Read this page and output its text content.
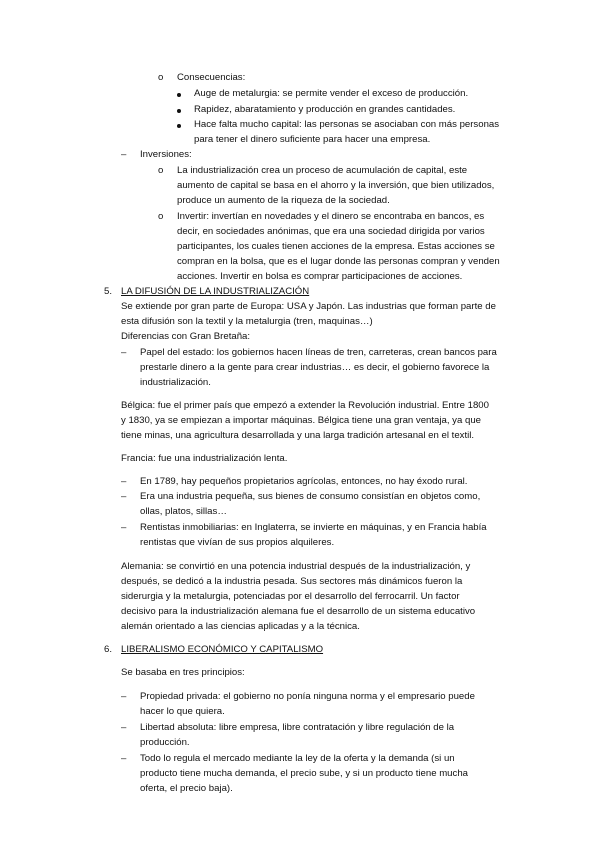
o Consecuencias:
Auge de metalurgia: se permite vender el exceso de producción.
Rapidez, abaratamiento y producción en grandes cantidades.
Hace falta mucho capital: las personas se asociaban con más personas
para tener el dinero suficiente para hacer una empresa.
– Inversiones:
o La industrialización crea un proceso de acumulación de capital, este
aumento de capital se basa en el ahorro y la inversión, que bien utilizados,
produce un aumento de la riqueza de la sociedad.
o Invertir: invertían en novedades y el dinero se encontraba en bancos, es
decir, en sociedades anónimas, que era una sociedad dirigida por varios
participantes, los cuales tienen acciones de la empresa. Estas acciones se
compran en la bolsa, que es el lugar donde las personas compran y venden
acciones. Invertir en bolsa es comprar participaciones de acciones.
5. LA DIFUSIÓN DE LA INDUSTRIALIZACIÓN
Se extiende por gran parte de Europa: USA y Japón. Las industrias que forman parte de
esta difusión son la textil y la metalurgia (tren, maquinas…)
Diferencias con Gran Bretaña:
– Papel del estado: los gobiernos hacen líneas de tren, carreteras, crean bancos para
prestarle dinero a la gente para crear industrias… es decir, el gobierno favorece la
industrialización.
Bélgica: fue el primer país que empezó a extender la Revolución industrial. Entre 1800
y 1830, ya se empiezan a importar máquinas. Bélgica tiene una gran ventaja, ya que
tiene minas, una agricultura desarrollada y una larga tradición artesanal en el textil.
Francia: fue una industrialización lenta.
– En 1789, hay pequeños propietarios agrícolas, entonces, no hay éxodo rural.
– Era una industria pequeña, sus bienes de consumo consistían en objetos como,
ollas, platos, sillas…
– Rentistas inmobiliarias: en Inglaterra, se invierte en máquinas, y en Francia había
rentistas que vivían de sus propios alquileres.
Alemania: se convirtió en una potencia industrial después de la industrialización, y
después, se dedicó a la industria pesada. Sus sectores más dinámicos fueron la
siderurgia y la metalurgia, potenciadas por el desarrollo del ferrocarril. Un factor
decisivo para la industrialización alemana fue el desarrollo de un sistema educativo
alemán orientado a las ciencias aplicadas y a la técnica.
6. LIBERALISMO ECONÓMICO Y CAPITALISMO
Se basaba en tres principios:
– Propiedad privada: el gobierno no ponía ninguna norma y el empresario puede
hacer lo que quiera.
– Libertad absoluta: libre empresa, libre contratación y libre regulación de la
producción.
– Todo lo regula el mercado mediante la ley de la oferta y la demanda (si un
producto tiene mucha demanda, el precio sube, y si un producto tiene mucha
oferta, el precio baja).
